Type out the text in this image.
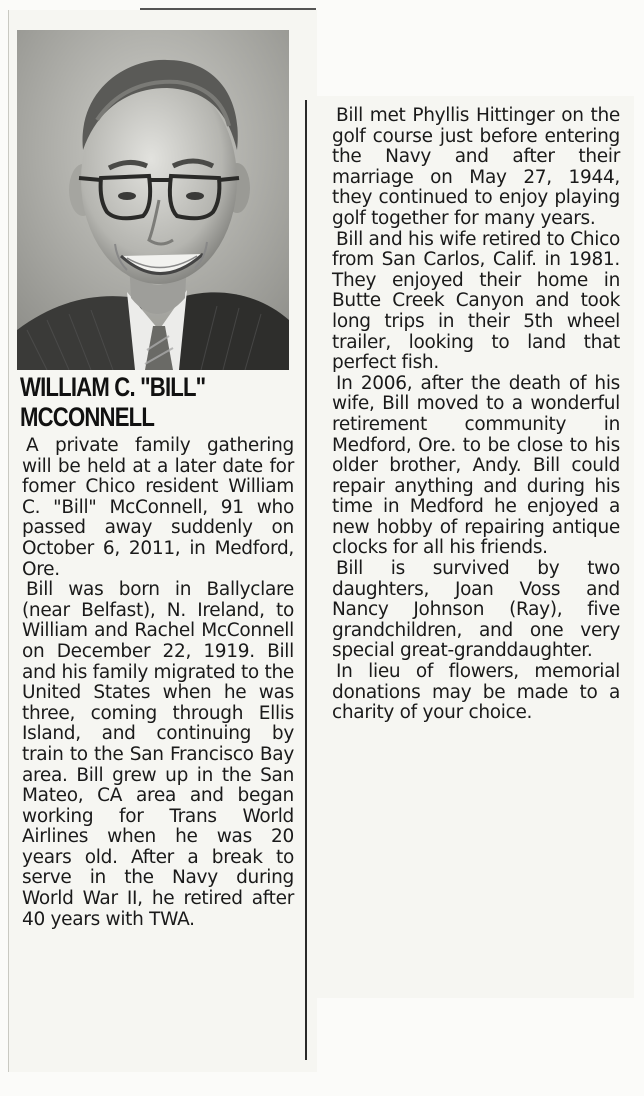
WILLIAM C. "BILL"
MCCONNELL

A private family gathering will be held at a later date for fomer Chico resident William C. "Bill" McConnell, 91 who passed away suddenly on October 6, 2011, in Medford, Ore.

Bill was born in Ballyclare (near Belfast), N. Ireland, to William and Rachel McConnell on December 22, 1919. Bill and his family migrated to the United States when he was three, coming through Ellis Island, and continuing by train to the San Francisco Bay area. Bill grew up in the San Mateo, CA area and began working for Trans World Airlines when he was 20 years old. After a break to serve in the Navy during World War II, he retired after 40 years with TWA.

Bill met Phyllis Hittinger on the golf course just before entering the Navy and after their marriage on May 27, 1944, they continued to enjoy playing golf together for many years.

Bill and his wife retired to Chico from San Carlos, Calif. in 1981. They enjoyed their home in Butte Creek Canyon and took long trips in their 5th wheel trailer, looking to land that perfect fish.

In 2006, after the death of his wife, Bill moved to a wonderful retirement community in Medford, Ore. to be close to his older brother, Andy. Bill could repair anything and during his time in Medford he enjoyed a new hobby of repairing antique clocks for all his friends.

Bill is survived by two daughters, Joan Voss and Nancy Johnson (Ray), five grandchildren, and one very special great-granddaughter.

In lieu of flowers, memorial donations may be made to a charity of your choice.
